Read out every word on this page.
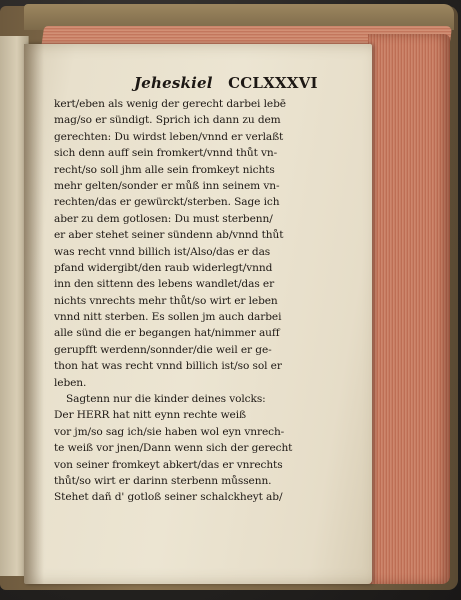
Jeheskiel CCLXXXVI
kert/eben als wenig der gerecht darbei lebē
mag/so er sündigt. Sprich ich dann zu dem
gerechten: Du wirdst leben/vnnd er verlaßt
sich denn auff sein fromkert/vnnd thůt vn-
recht/so soll jhm alle sein fromkeyt nichts
mehr gelten/sonder er můß inn seinem vn-
rechten/das er gewürckt/sterben. Sage ich
aber zu dem gotlosen: Du must sterbenn/
er aber stehet seiner sündenn ab/vnnd thůt
was recht vnnd billich ist/Also/das er das
pfand widergibt/den raub widerlegt/vnnd
inn den sittenn des lebens wandlet/das er
nichts vnrechts mehr thůt/so wirt er leben
vnnd nitt sterben. Es sollen jm auch darbei
alle sünd die er begangen hat/nimmer auff
gerupfft werdenn/sonnder/die weil er ge-
thon hat was recht vnnd billich ist/so sol er
leben.
Sagtenn nur die kinder deines volcks:
Der HERR hat nitt eynn rechte weiß
vor jm/so sag ich/sie haben wol eyn vnrech-
te weiß vor jnen/Dann wenn sich der gerecht
von seiner fromkeyt abkert/das er vnrechts
thůt/so wirt er darinn sterbenn můssenn.
Stehet dañ d' gotloß seiner schalckheyt ab/
